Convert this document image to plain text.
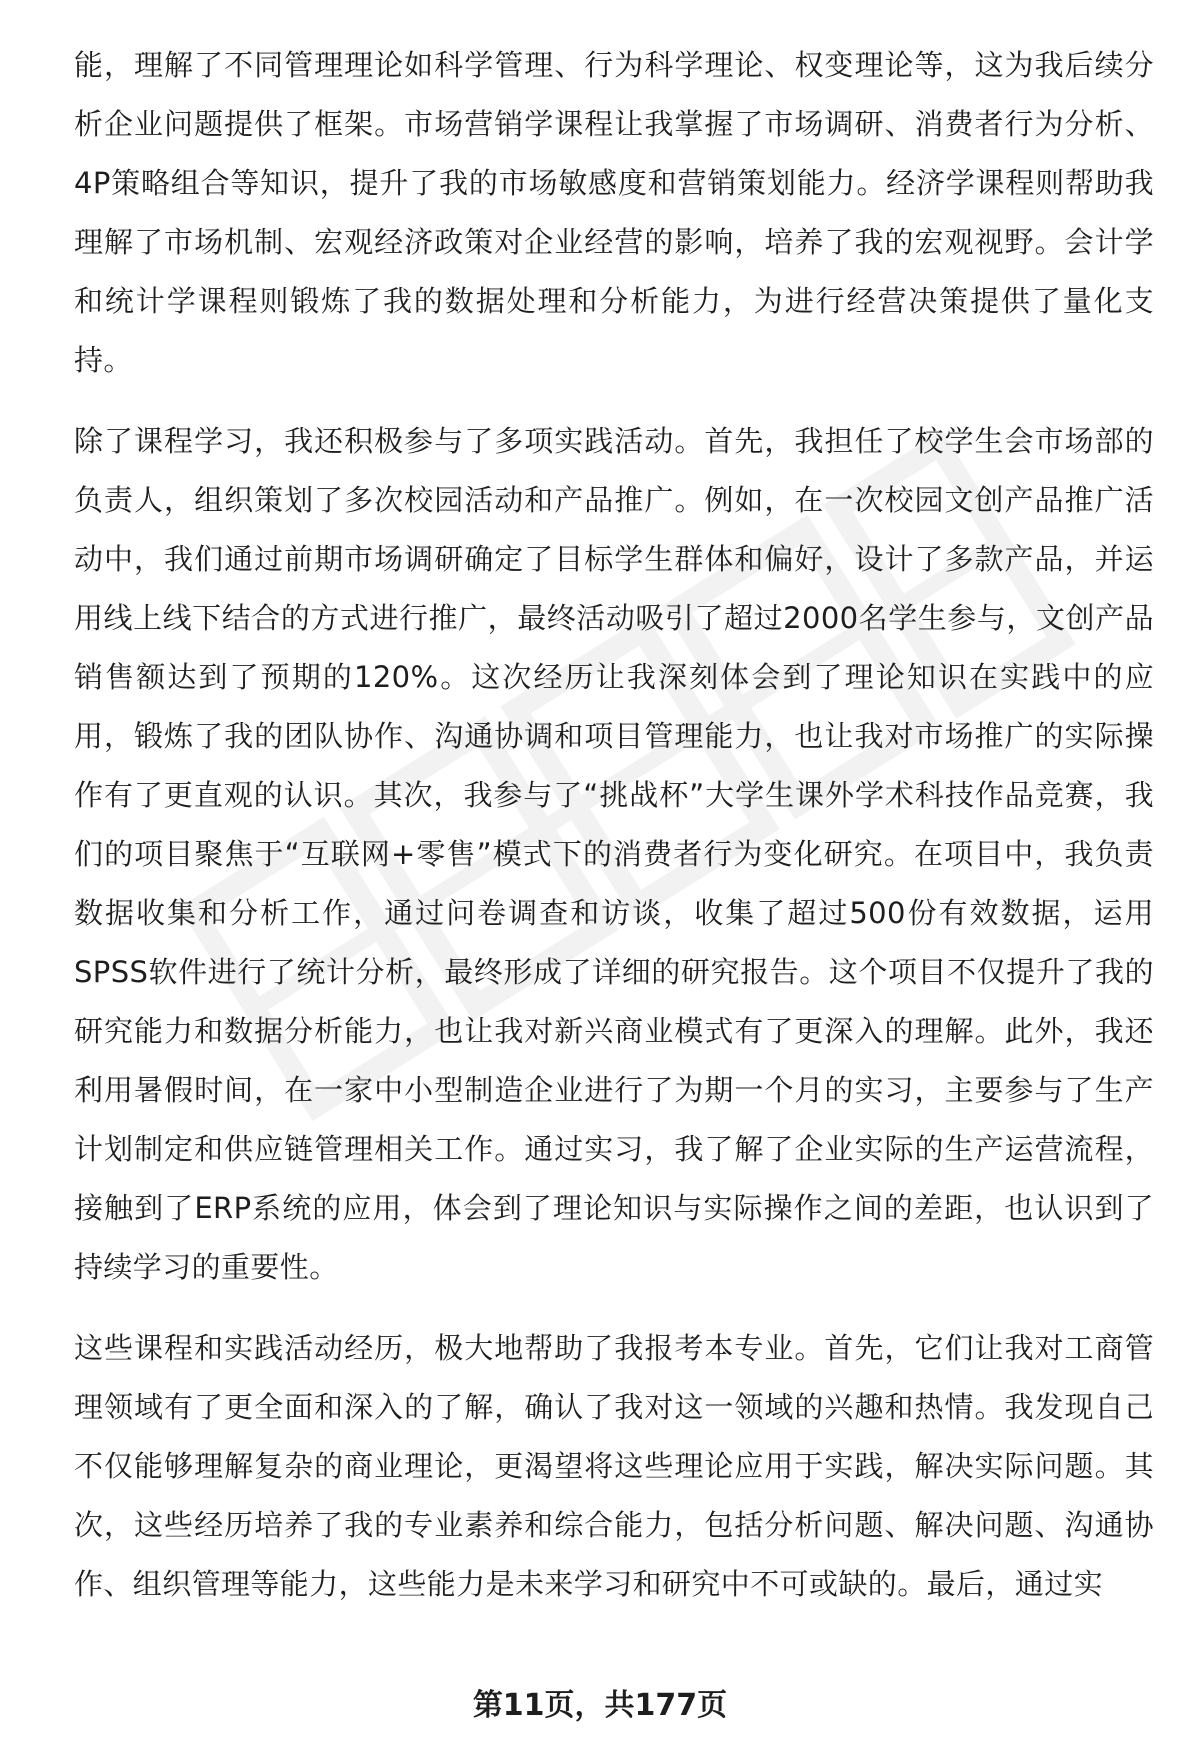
能，理解了不同管理理论如科学管理、行为科学理论、权变理论等，这为我后续分析企业问题提供了框架。市场营销学课程让我掌握了市场调研、消费者行为分析、4P策略组合等知识，提升了我的市场敏感度和营销策划能力。经济学课程则帮助我理解了市场机制、宏观经济政策对企业经营的影响，培养了我的宏观视野。会计学和统计学课程则锻炼了我的数据处理和分析能力，为进行经营决策提供了量化支持。

除了课程学习，我还积极参与了多项实践活动。首先，我担任了校学生会市场部的负责人，组织策划了多次校园活动和产品推广。例如，在一次校园文创产品推广活动中，我们通过前期市场调研确定了目标学生群体和偏好，设计了多款产品，并运用线上线下结合的方式进行推广，最终活动吸引了超过2000名学生参与，文创产品销售额达到了预期的120%。这次经历让我深刻体会到了理论知识在实践中的应用，锻炼了我的团队协作、沟通协调和项目管理能力，也让我对市场推广的实际操作有了更直观的认识。其次，我参与了“挑战杯”大学生课外学术科技作品竞赛，我们的项目聚焦于“互联网+零售”模式下的消费者行为变化研究。在项目中，我负责数据收集和分析工作，通过问卷调查和访谈，收集了超过500份有效数据，运用SPSS软件进行了统计分析，最终形成了详细的研究报告。这个项目不仅提升了我的研究能力和数据分析能力，也让我对新兴商业模式有了更深入的理解。此外，我还利用暑假时间，在一家中小型制造企业进行了为期一个月的实习，主要参与了生产计划制定和供应链管理相关工作。通过实习，我了解了企业实际的生产运营流程，接触到了ERP系统的应用，体会到了理论知识与实际操作之间的差距，也认识到了持续学习的重要性。

这些课程和实践活动经历，极大地帮助了我报考本专业。首先，它们让我对工商管理领域有了更全面和深入的了解，确认了我对这一领域的兴趣和热情。我发现自己不仅能够理解复杂的商业理论，更渴望将这些理论应用于实践，解决实际问题。其次，这些经历培养了我的专业素养和综合能力，包括分析问题、解决问题、沟通协作、组织管理等能力，这些能力是未来学习和研究中不可或缺的。最后，通过实

第11页，共177页
